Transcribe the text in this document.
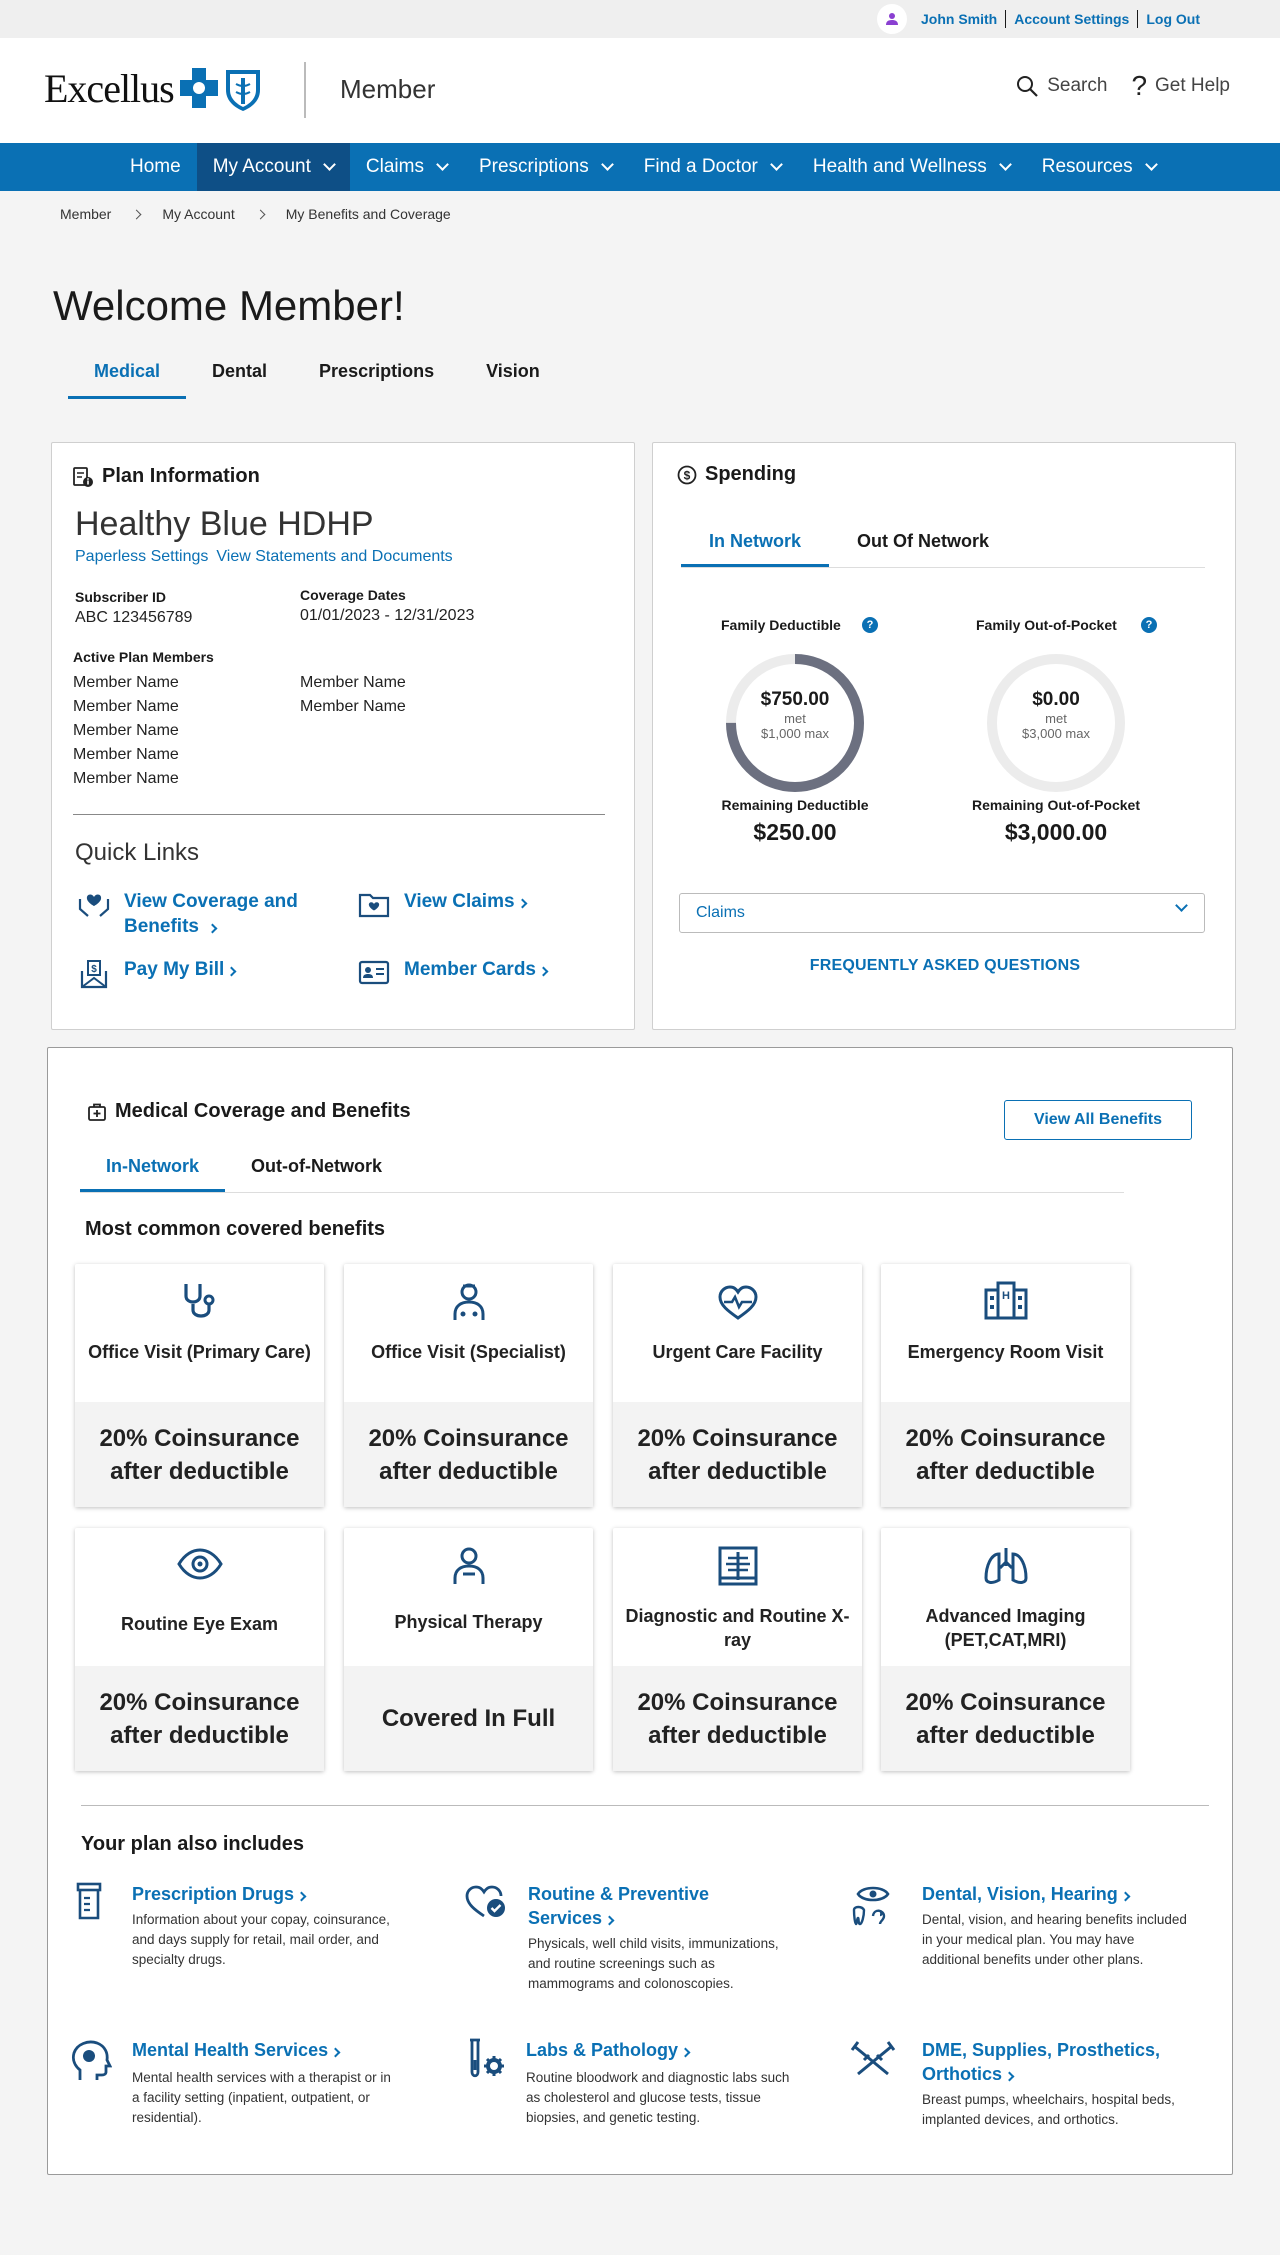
John Smith Account Settings Log Out
Excellus	Member	Search ? Get Help
Home My Account	Claims	Prescriptions	Find a Doctor	Health and Wellness	Resources
Member	My Account	My Benefits and Coverage
Welcome Member!
Medical	Dental	Prescriptions	Vision
Plan Information
Healthy Blue HDHP
Paperless Settings View Statements and Documents
Subscriber ID
ABC 123456789
Coverage Dates
01/01/2023 - 12/31/2023
Active Plan Members
Member Name
Member Name
Member Name
Member Name
Member Name
Member Name
Member Name
Quick Links
View Coverage and Benefits
View Claims
$ Pay My Bill	Member Cards
$ Spending
In Network	Out Of Network
Family Deductible	?	Family Out-of-Pocket	?
$750.00
met
$1,000 max
$0.00
met
$3,000 max
Remaining Deductible
$250.00
Remaining Out-of-Pocket
$3,000.00
Claims
FREQUENTLY ASKED QUESTIONS
Medical Coverage and Benefits	View All Benefits
In-Network	Out-of-Network
Most common covered benefits
Office Visit (Primary Care)
20% Coinsurance after deductible
Office Visit (Specialist)
20% Coinsurance after deductible
Urgent Care Facility
20% Coinsurance after deductible
H
Emergency Room Visit
20% Coinsurance after deductible
Routine Eye Exam
20% Coinsurance after deductible
Physical Therapy
Covered In Full
Diagnostic and Routine X-ray
20% Coinsurance after deductible
Advanced Imaging (PET,CAT,MRI)
20% Coinsurance after deductible
Your plan also includes
Prescription Drugs
Information about your copay, coinsurance, and days supply for retail, mail order, and specialty drugs.
Routine & Preventive Services
Physicals, well child visits, immunizations, and routine screenings such as mammograms and colonoscopies.
Dental, Vision, Hearing
Dental, vision, and hearing benefits included in your medical plan. You may have additional benefits under other plans.
Mental Health Services
Mental health services with a therapist or in a facility setting (inpatient, outpatient, or residential).
Labs & Pathology
Routine bloodwork and diagnostic labs such as cholesterol and glucose tests, tissue biopsies, and genetic testing.
DME, Supplies, Prosthetics, Orthotics
Breast pumps, wheelchairs, hospital beds, implanted devices, and orthotics.
